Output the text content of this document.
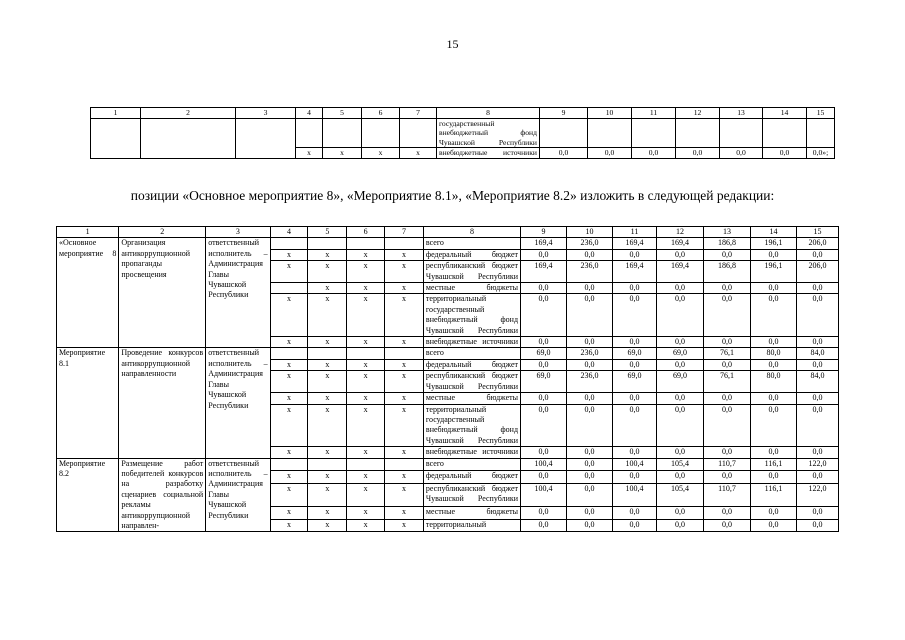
15
1	2	3	4	5	6	7	8	9	10	11	12	13	14	15
							государственный внебюджетный фонд Чувашской Республики							
			x	x	x	x	внебюджетные источники	0,0	0,0	0,0	0,0	0,0	0,0	0,0»;
позиции «Основное мероприятие 8», «Мероприятие 8.1», «Мероприятие 8.2» изложить в следующей редакции:
1	2	3	4	5	6	7	8	9	10	11	12	13	14	15
«Основное мероприятие 8	Организация антикоррупционной пропаганды просвещения	ответственный исполнитель – Администрация Главы Чувашской Республики					всего	169,4	236,0	169,4	169,4	186,8	196,1	206,0
			x	x	x	x	федеральный бюджет	0,0	0,0	0,0	0,0	0,0	0,0	0,0
			x	x	x	x	республиканский бюджет Чувашской Республики	169,4	236,0	169,4	169,4	186,8	196,1	206,0
				x	x	x	местные бюджеты	0,0	0,0	0,0	0,0	0,0	0,0	0,0
			x	x	x	x	территориальный государственный внебюджетный фонд Чувашской Республики	0,0	0,0	0,0	0,0	0,0	0,0	0,0
			x	x	x	x	внебюджетные источники	0,0	0,0	0,0	0,0	0,0	0,0	0,0
Мероприятие 8.1	Проведение конкурсов антикоррупционной направленности	ответственный исполнитель – Администрация Главы Чувашской Республики					всего	69,0	236,0	69,0	69,0	76,1	80,0	84,0
			x	x	x	x	федеральный бюджет	0,0	0,0	0,0	0,0	0,0	0,0	0,0
			x	x	x	x	республиканский бюджет Чувашской Республики	69,0	236,0	69,0	69,0	76,1	80,0	84,0
			x	x	x	x	местные бюджеты	0,0	0,0	0,0	0,0	0,0	0,0	0,0
			x	x	x	x	территориальный государственный внебюджетный фонд Чувашской Республики	0,0	0,0	0,0	0,0	0,0	0,0	0,0
			x	x	x	x	внебюджетные источники	0,0	0,0	0,0	0,0	0,0	0,0	0,0
Мероприятие 8.2	Размещение работ победителей конкурсов на разработку сценариев социальной рекламы антикоррупционной направлен-	ответственный исполнитель – Администрация Главы Чувашской Республики					всего	100,4	0,0	100,4	105,4	110,7	116,1	122,0
			x	x	x	x	федеральный бюджет	0,0	0,0	0,0	0,0	0,0	0,0	0,0
			x	x	x	x	республиканский бюджет Чувашской Республики	100,4	0,0	100,4	105,4	110,7	116,1	122,0
			x	x	x	x	местные бюджеты	0,0	0,0	0,0	0,0	0,0	0,0	0,0
			x	x	x	x	территориальный	0,0	0,0	0,0	0,0	0,0	0,0	0,0
